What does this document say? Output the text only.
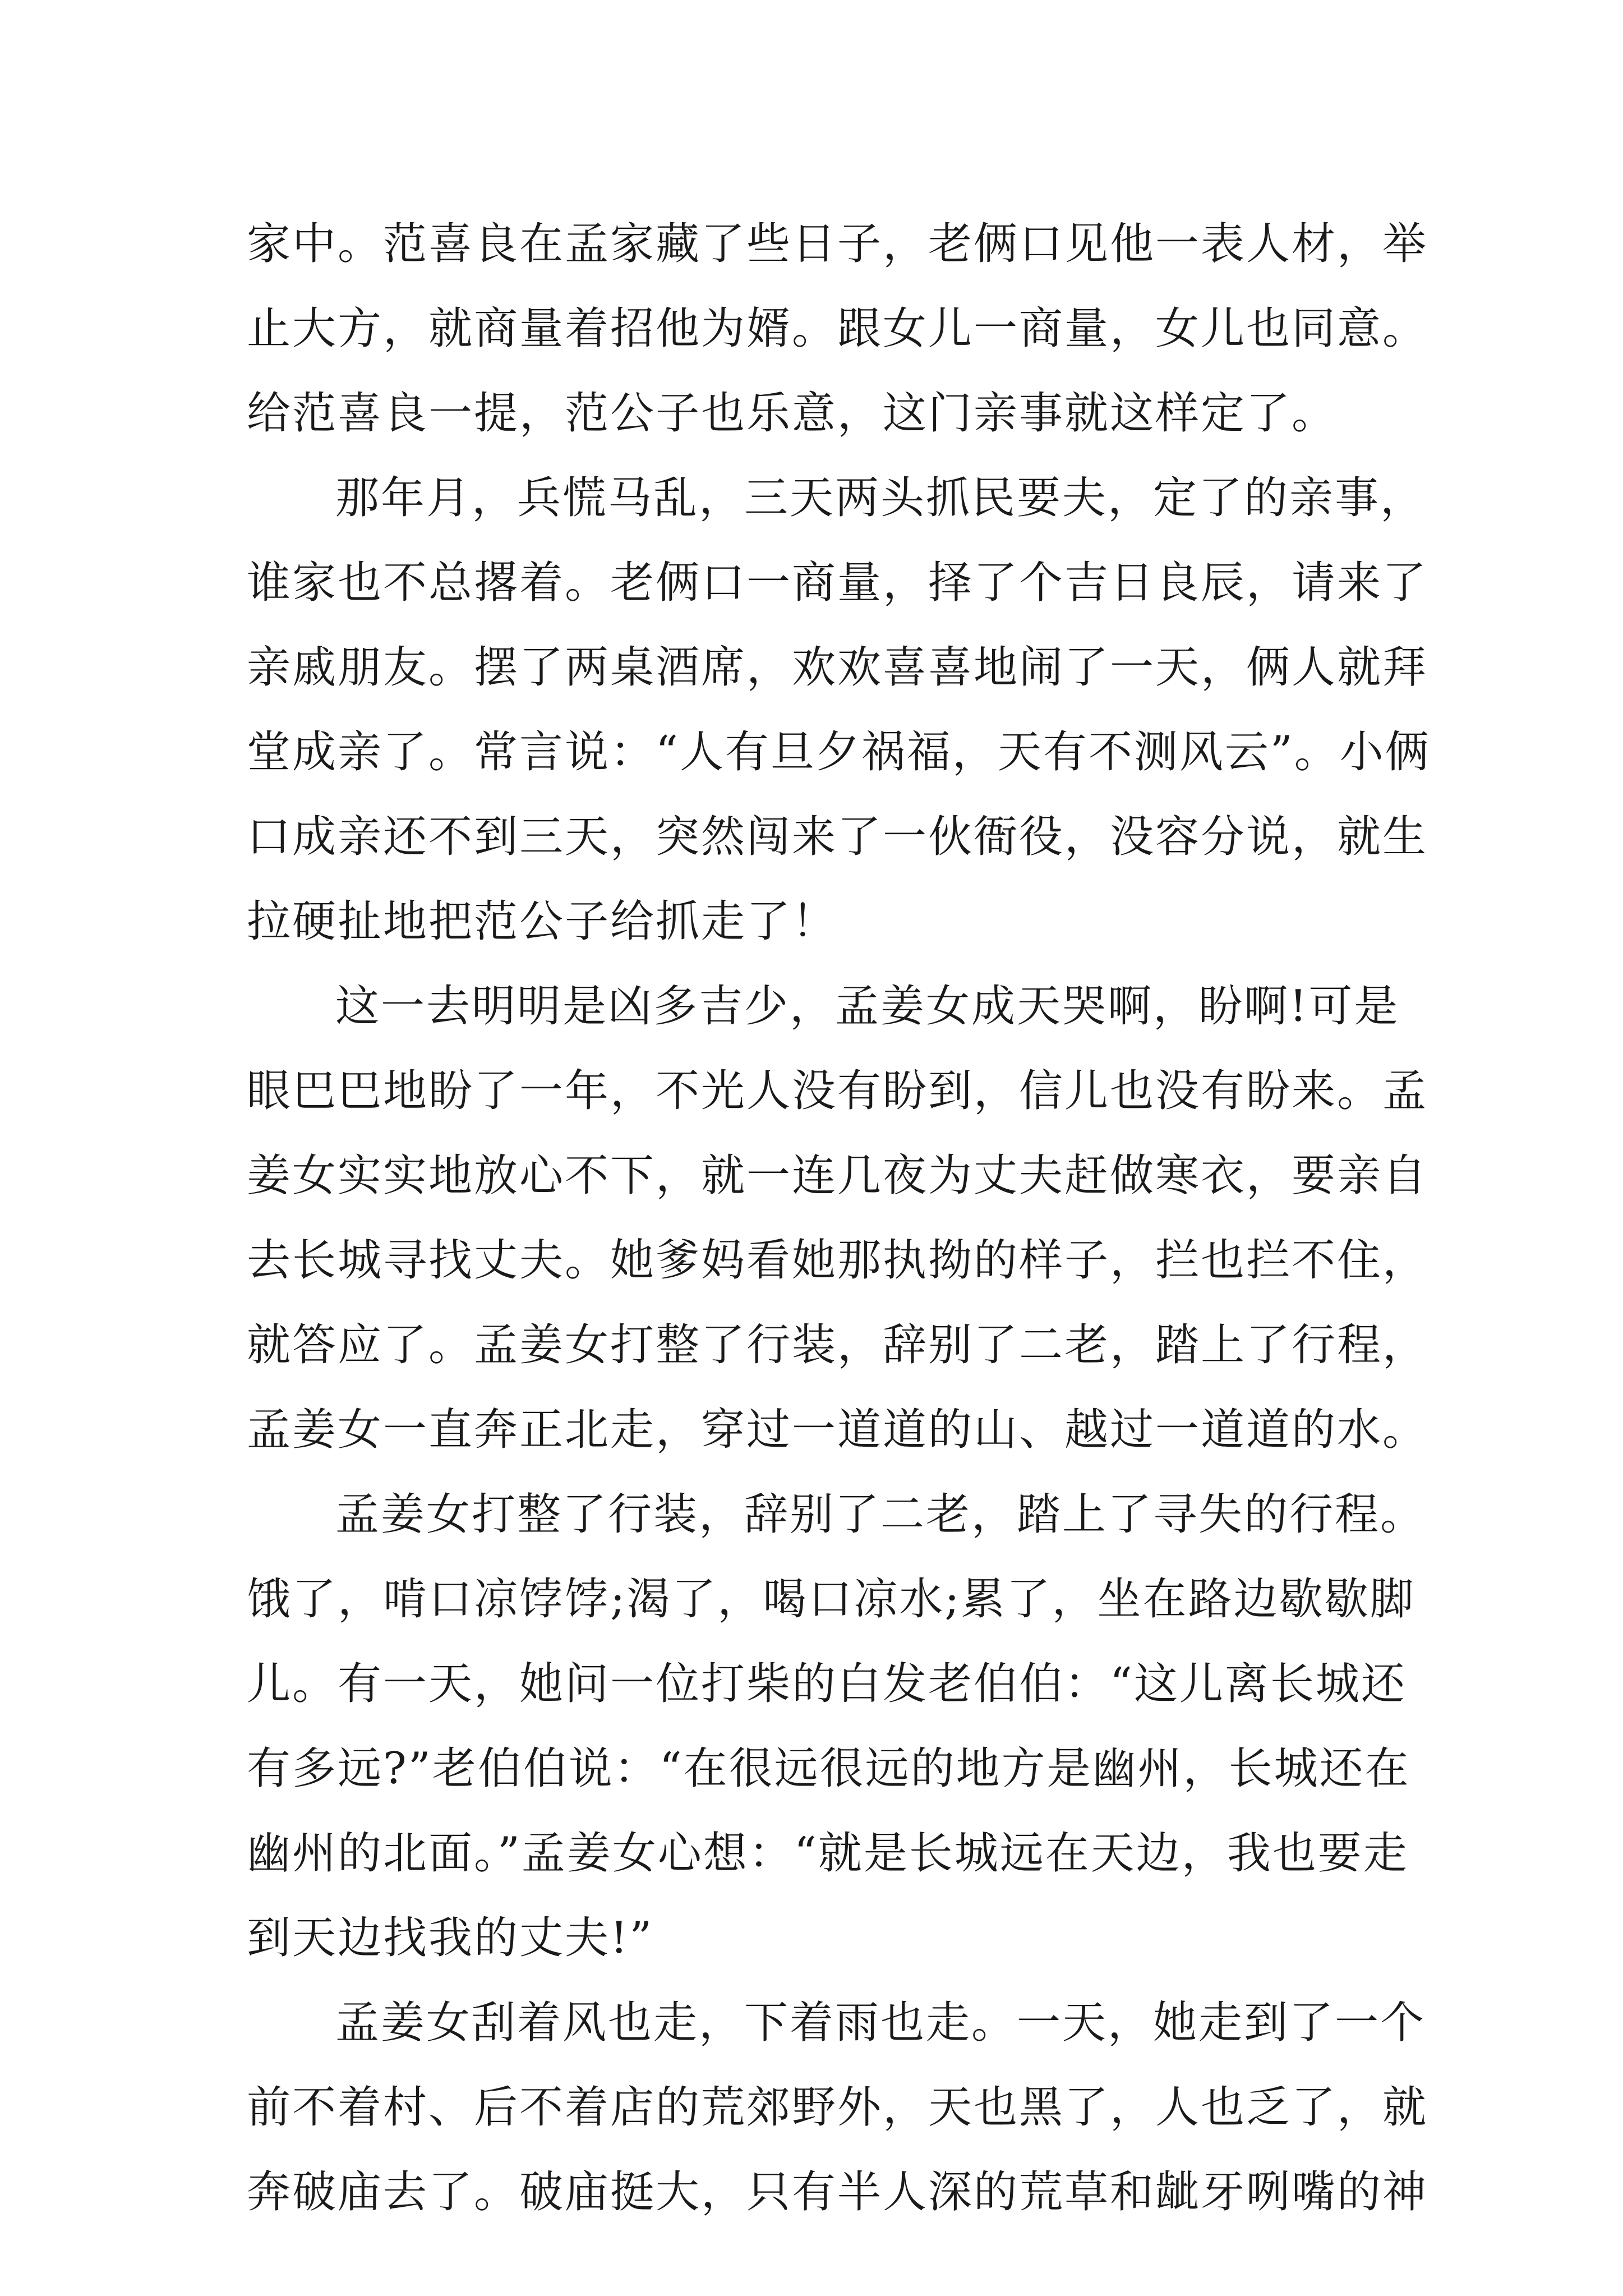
家中。范喜良在孟家藏了些日子，老俩口见他一表人材，举
止大方，就商量着招他为婿。跟女儿一商量，女儿也同意。
给范喜良一提，范公子也乐意，这门亲事就这样定了。
那年月，兵慌马乱，三天两头抓民要夫，定了的亲事，
谁家也不总撂着。老俩口一商量，择了个吉日良辰，请来了
亲戚朋友。摆了两桌酒席，欢欢喜喜地闹了一天，俩人就拜
堂成亲了。常言说：“人有旦夕祸福，天有不测风云”。小俩
口成亲还不到三天，突然闯来了一伙衙役，没容分说，就生
拉硬扯地把范公子给抓走了！
这一去明明是凶多吉少，孟姜女成天哭啊，盼啊!可是
眼巴巴地盼了一年，不光人没有盼到，信儿也没有盼来。孟
姜女实实地放心不下，就一连几夜为丈夫赶做寒衣，要亲自
去长城寻找丈夫。她爹妈看她那执拗的样子，拦也拦不住，
就答应了。孟姜女打整了行装，辞别了二老，踏上了行程，
孟姜女一直奔正北走，穿过一道道的山、越过一道道的水。
孟姜女打整了行装，辞别了二老，踏上了寻失的行程。
饿了，啃口凉饽饽;渴了，喝口凉水;累了，坐在路边歇歇脚
儿。有一天，她问一位打柴的白发老伯伯：“这儿离长城还
有多远?”老伯伯说：“在很远很远的地方是幽州，长城还在
幽州的北面。”孟姜女心想：“就是长城远在天边，我也要走
到天边找我的丈夫!”
孟姜女刮着风也走，下着雨也走。一天，她走到了一个
前不着村、后不着店的荒郊野外，天也黑了，人也乏了，就
奔破庙去了。破庙挺大，只有半人深的荒草和龇牙咧嘴的神
